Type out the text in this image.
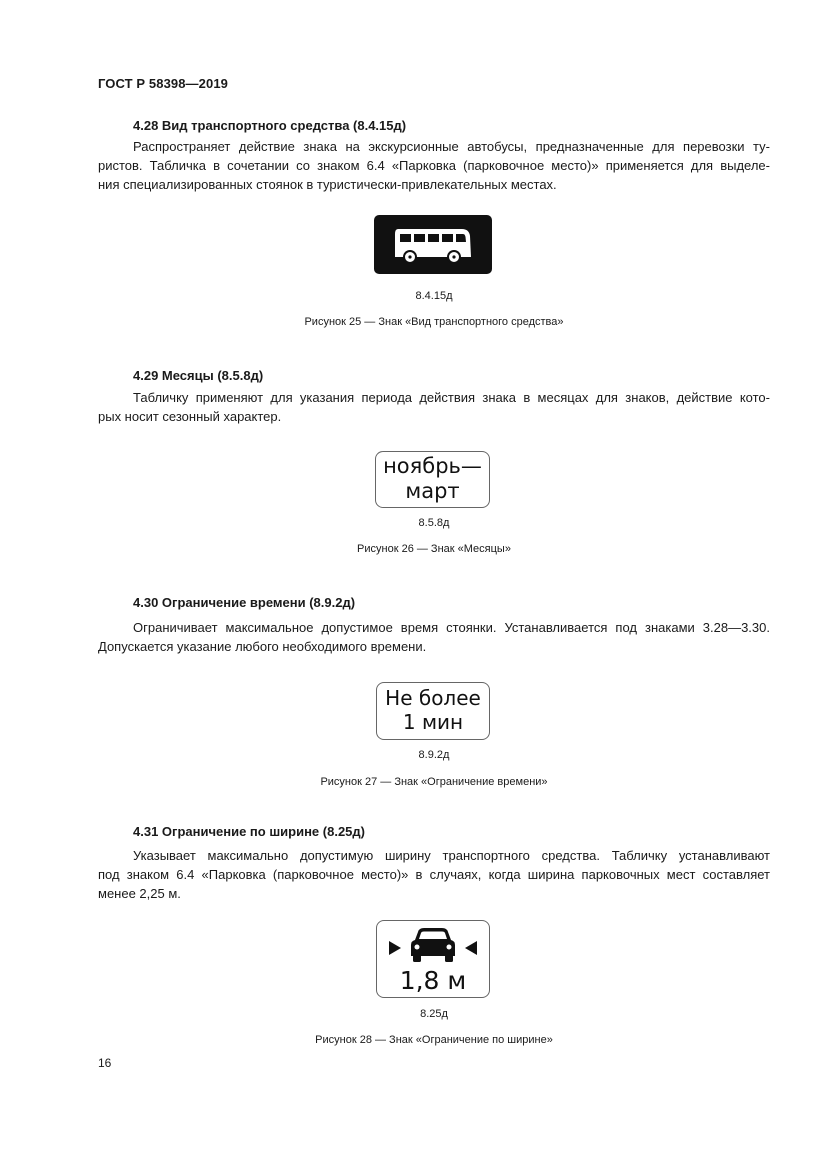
ГОСТ Р 58398—2019
4.28 Вид транспортного средства (8.4.15д)
Распространяет действие знака на экскурсионные автобусы, предназначенные для перевозки ту-
ристов. Табличка в сочетании со знаком 6.4 «Парковка (парковочное место)» применяется для выделе-
ния специализированных стоянок в туристически-привлекательных местах.
8.4.15д
Рисунок 25 — Знак «Вид транспортного средства»
4.29 Месяцы (8.5.8д)
Табличку применяют для указания периода действия знака в месяцах для знаков, действие кото-
рых носит сезонный характер.
ноябрь—
март
8.5.8д
Рисунок 26 — Знак «Месяцы»
4.30 Ограничение времени (8.9.2д)
Ограничивает максимальное допустимое время стоянки. Устанавливается под знаками 3.28—3.30.
Допускается указание любого необходимого времени.
Не более
1 мин
8.9.2д
Рисунок 27 — Знак «Ограничение времени»
4.31 Ограничение по ширине (8.25д)
Указывает максимально допустимую ширину транспортного средства. Табличку устанавливают
под знаком 6.4 «Парковка (парковочное место)» в случаях, когда ширина парковочных мест составляет
менее 2,25 м.
1,8 м
8.25д
Рисунок 28 — Знак «Ограничение по ширине»
16
